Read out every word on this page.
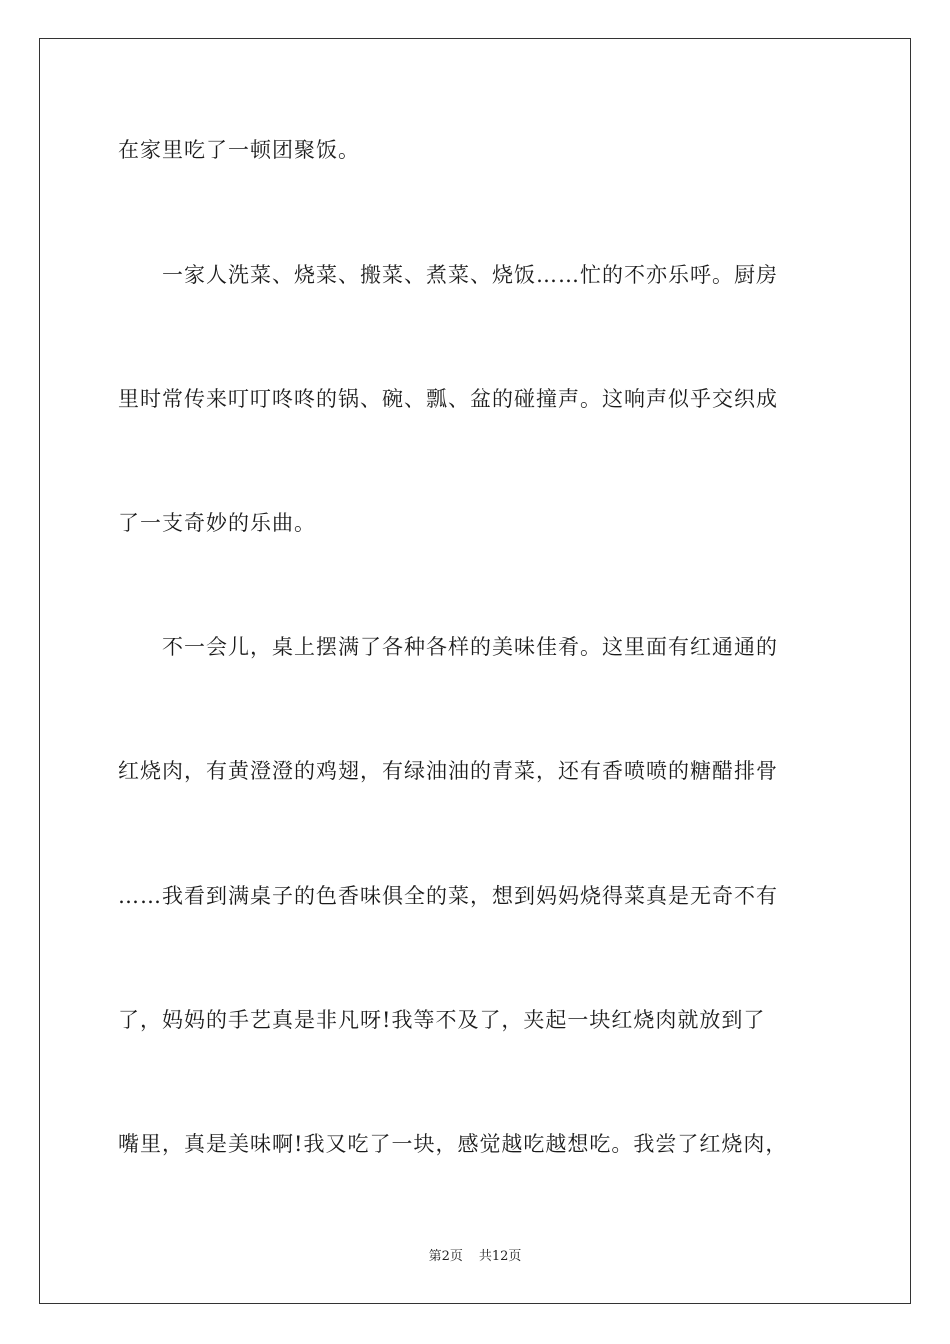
在家里吃了一顿团聚饭。
　　一家人洗菜、烧菜、搬菜、煮菜、烧饭……忙的不亦乐呼。厨房
里时常传来叮叮咚咚的锅、碗、瓢、盆的碰撞声。这响声似乎交织成
了一支奇妙的乐曲。
　　不一会儿，桌上摆满了各种各样的美味佳肴。这里面有红通通的
红烧肉，有黄澄澄的鸡翅，有绿油油的青菜，还有香喷喷的糖醋排骨
……我看到满桌子的色香味俱全的菜，想到妈妈烧得菜真是无奇不有
了，妈妈的手艺真是非凡呀!我等不及了，夹起一块红烧肉就放到了
嘴里，真是美味啊!我又吃了一块，感觉越吃越想吃。我尝了红烧肉，
第2页 共12页
